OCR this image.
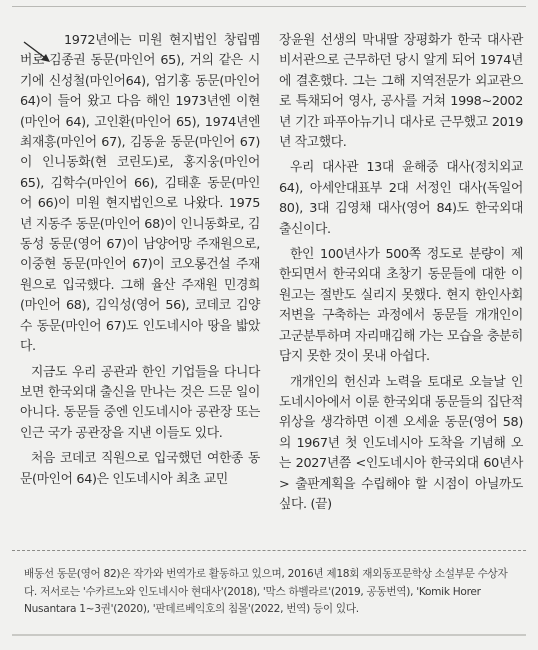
1972년에는 미원 현지법인 창립멤버로 김종권 동문(마인어 65), 거의 같은 시기에 신성철(마인어64), 엄기홍 동문(마인어 64)이 들어 왔고 다음 해인 1973년엔 이현(마인어 64), 고인환(마인어 65), 1974년엔 최재흥(마인어 67), 김동윤 동문(마인어 67)이 인니동화(현 코린도)로, 홍지웅(마인어 65), 김학수(마인어 66), 김태훈 동문(마인어 66)이 미원 현지법인으로 나왔다. 1975년 지동주 동문(마인어 68)이 인니동화로, 김동성 동문(영어 67)이 남양어망 주재원으로, 이중현 동문(마인어 67)이 코오롱건설 주재원으로 입국했다. 그해 율산 주재원 민경희(마인어 68), 김익성(영어 56), 코데코 김양수 동문(마인어 67)도 인도네시아 땅을 밟았다.

지금도 우리 공관과 한인 기업들을 다니다 보면 한국외대 출신을 만나는 것은 드문 일이 아니다. 동문들 중엔 인도네시아 공관장 또는 인근 국가 공관장을 지낸 이들도 있다.

처음 코데코 직원으로 입국했던 여한종 동문(마인어 64)은 인도네시아 최초 교민

장윤원 선생의 막내딸 장평화가 한국 대사관 비서관으로 근무하던 당시 알게 되어 1974년에 결혼했다. 그는 그해 지역전문가 외교관으로 특채되어 영사, 공사를 거쳐 1998~2002년 기간 파푸아뉴기니 대사로 근무했고 2019년 작고했다.

우리 대사관 13대 윤해중 대사(정치외교 64), 아세안대표부 2대 서정인 대사(독일어 80), 3대 김영채 대사(영어 84)도 한국외대 출신이다.

한인 100년사가 500쪽 정도로 분량이 제한되면서 한국외대 초창기 동문들에 대한 이 원고는 절반도 실리지 못했다. 현지 한인사회 저변을 구축하는 과정에서 동문들 개개인이 고군분투하며 자리매김해 가는 모습을 충분히 담지 못한 것이 못내 아쉽다.

개개인의 헌신과 노력을 토대로 오늘날 인도네시아에서 이룬 한국외대 동문들의 집단적 위상을 생각하면 이젠 오세윤 동문(영어 58)의 1967년 첫 인도네시아 도착을 기념해 오는 2027년쯤 <인도네시아 한국외대 60년사> 출판계획을 수립해야 할 시점이 아닐까도 싶다. (끝)

배동선 동문(영어 82)은 작가와 번역가로 활동하고 있으며, 2016년 제18회 재외동포문학상 소설부문 수상자다. 저서로는 '수카르노와 인도네시아 현대사'(2018), '막스 하벨라르'(2019, 공동번역), 'Komik Horer Nusantara 1~3권'(2020), '판데르베익호의 침몰'(2022, 번역) 등이 있다.
